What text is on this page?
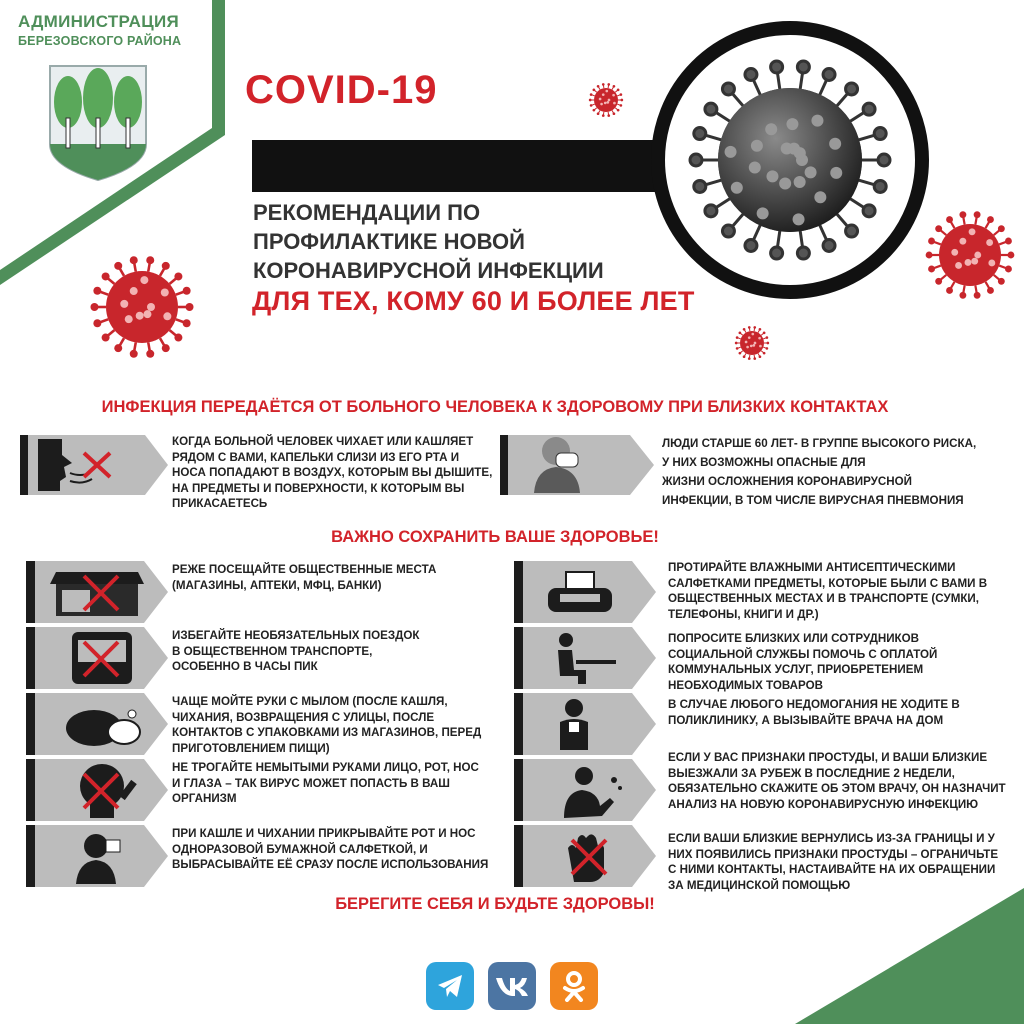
АДМИНИСТРАЦИЯ
БЕРЕЗОВСКОГО РАЙОНА
COVID-19
РЕКОМЕНДАЦИИ ПО
ПРОФИЛАКТИКЕ НОВОЙ
КОРОНАВИРУСНОЙ ИНФЕКЦИИ
ДЛЯ ТЕХ, КОМУ 60 И БОЛЕЕ ЛЕТ
ИНФЕКЦИЯ ПЕРЕДАЁТСЯ ОТ БОЛЬНОГО ЧЕЛОВЕКА К ЗДОРОВОМУ ПРИ БЛИЗКИХ КОНТАКТАХ
КОГДА БОЛЬНОЙ ЧЕЛОВЕК ЧИХАЕТ ИЛИ КАШЛЯЕТ
РЯДОМ С ВАМИ, КАПЕЛЬКИ СЛИЗИ ИЗ ЕГО РТА И
НОСА ПОПАДАЮТ В ВОЗДУХ, КОТОРЫМ ВЫ ДЫШИТЕ,
НА ПРЕДМЕТЫ И ПОВЕРХНОСТИ, К КОТОРЫМ ВЫ
ПРИКАСАЕТЕСЬ
ЛЮДИ СТАРШЕ 60 ЛЕТ- В ГРУППЕ ВЫСОКОГО РИСКА,
У НИХ ВОЗМОЖНЫ ОПАСНЫЕ ДЛЯ
ЖИЗНИ ОСЛОЖНЕНИЯ КОРОНАВИРУСНОЙ
ИНФЕКЦИИ, В ТОМ ЧИСЛЕ ВИРУСНАЯ ПНЕВМОНИЯ
ВАЖНО СОХРАНИТЬ ВАШЕ ЗДОРОВЬЕ!
РЕЖЕ ПОСЕЩАЙТЕ ОБЩЕСТВЕННЫЕ МЕСТА
(МАГАЗИНЫ, АПТЕКИ, МФЦ, БАНКИ)
ИЗБЕГАЙТЕ НЕОБЯЗАТЕЛЬНЫХ ПОЕЗДОК
В ОБЩЕСТВЕННОМ ТРАНСПОРТЕ,
ОСОБЕННО В ЧАСЫ ПИК
ЧАЩЕ МОЙТЕ РУКИ С МЫЛОМ (ПОСЛЕ КАШЛЯ,
ЧИХАНИЯ, ВОЗВРАЩЕНИЯ С УЛИЦЫ, ПОСЛЕ
КОНТАКТОВ С УПАКОВКАМИ ИЗ МАГАЗИНОВ, ПЕРЕД
ПРИГОТОВЛЕНИЕМ ПИЩИ)
НЕ ТРОГАЙТЕ НЕМЫТЫМИ РУКАМИ ЛИЦО, РОТ, НОС
И ГЛАЗА – ТАК ВИРУС МОЖЕТ ПОПАСТЬ В ВАШ
ОРГАНИЗМ
ПРИ КАШЛЕ И ЧИХАНИИ ПРИКРЫВАЙТЕ РОТ И НОС
ОДНОРАЗОВОЙ БУМАЖНОЙ САЛФЕТКОЙ, И
ВЫБРАСЫВАЙТЕ ЕЁ СРАЗУ ПОСЛЕ ИСПОЛЬЗОВАНИЯ
ПРОТИРАЙТЕ ВЛАЖНЫМИ АНТИСЕПТИЧЕСКИМИ
САЛФЕТКАМИ ПРЕДМЕТЫ, КОТОРЫЕ БЫЛИ С ВАМИ В
ОБЩЕСТВЕННЫХ МЕСТАХ И В ТРАНСПОРТЕ (СУМКИ,
ТЕЛЕФОНЫ, КНИГИ И ДР.)
ПОПРОСИТЕ БЛИЗКИХ ИЛИ СОТРУДНИКОВ
СОЦИАЛЬНОЙ СЛУЖБЫ ПОМОЧЬ С ОПЛАТОЙ
КОММУНАЛЬНЫХ УСЛУГ, ПРИОБРЕТЕНИЕМ
НЕОБХОДИМЫХ ТОВАРОВ
В СЛУЧАЕ ЛЮБОГО НЕДОМОГАНИЯ НЕ ХОДИТЕ В
ПОЛИКЛИНИКУ, А ВЫЗЫВАЙТЕ ВРАЧА НА ДОМ
ЕСЛИ У ВАС ПРИЗНАКИ ПРОСТУДЫ, И ВАШИ БЛИЗКИЕ
ВЫЕЗЖАЛИ ЗА РУБЕЖ В ПОСЛЕДНИЕ 2 НЕДЕЛИ,
ОБЯЗАТЕЛЬНО СКАЖИТЕ ОБ ЭТОМ ВРАЧУ, ОН НАЗНАЧИТ
АНАЛИЗ НА НОВУЮ КОРОНАВИРУСНУЮ ИНФЕКЦИЮ
ЕСЛИ ВАШИ БЛИЗКИЕ ВЕРНУЛИСЬ ИЗ-ЗА ГРАНИЦЫ И У
НИХ ПОЯВИЛИСЬ ПРИЗНАКИ ПРОСТУДЫ – ОГРАНИЧЬТЕ
С НИМИ КОНТАКТЫ, НАСТАИВАЙТЕ НА ИХ ОБРАЩЕНИИ
ЗА МЕДИЦИНСКОЙ ПОМОЩЬЮ
БЕРЕГИТЕ СЕБЯ И БУДЬТЕ ЗДОРОВЫ!
